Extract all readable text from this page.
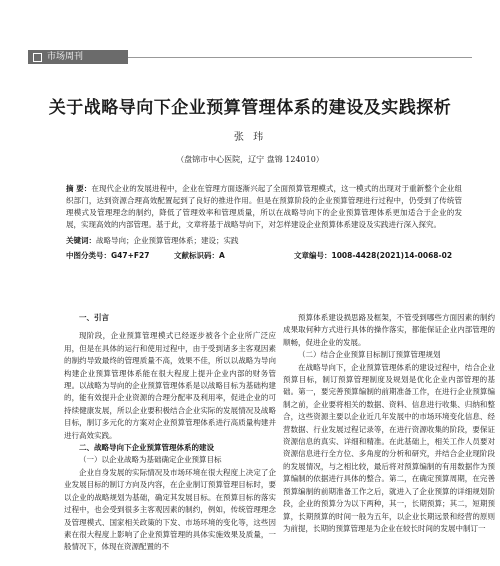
市场周刊
关于战略导向下企业预算管理体系的建设及实践探析
张 玮
（盘锦市中心医院，辽宁 盘锦 124010）
摘 要：在现代企业的发展进程中，企业在管理方面逐渐兴起了全面预算管理模式，这一模式的出现对于重新整个企业组织部门，达到资源合理高效配置起到了良好的推进作用。但是在预算阶段的企业预算管理进行过程中，仍受到了传统管理模式及管理理念的制约，降低了管理效率和管理质量，所以在战略导向下的企业预算管理体系更加适合于企业的发展，实现高效的内部管理。基于此，文章将基于战略导向下，对怎样建设企业预算体系建设及实践进行深入探究。
关键词：战略导向；企业预算管理体系；建设；实践
中图分类号：G47+F27	文献标识码：A	文章编号：1008-4428(2021)14-0068-02
一、引言

现阶段，企业预算管理模式已经逐步被各个企业所广泛应用，但是在具体的运行和使用过程中，由于受到诸多主客观因素的制约导致最终的管理质量不高，效果不佳，所以以战略为导向构建企业预算管理体系能在很大程度上提升企业内部的财务管理。以战略为导向的企业预算管理体系是以战略目标为基础构建的，能有效提升企业资源的合理分配率及利用率，促进企业的可持续健康发展，所以企业要积极结合企业实际的发展情况及战略目标，制订多元化的方案对企业预算管理体系进行高质量构建并进行高效实践。

二、战略导向下企业预算管理体系的建设
（一）以企业战略为基础确定企业预算目标

企业自身发展的实际情况及市场环境在很大程度上决定了企业发展目标的制订方向及内容，在企业制订预算管理目标时，要以企业的战略规划为基础，确定其发展目标。在预算目标的落实过程中，也会受到很多主客观因素的制约，例如，传统管理理念及管理模式、国家相关政策的下发、市场环境的变化等，这些因素在很大程度上影响了企业预算管理的具体实施效果及质量，一般情况下，体现在资源配置的不

预算体系建设损思路及框架，不管受到哪些方面因素的制约成果取何种方式进行具体的操作落实，都能保证企业内部管理的顺畅，促进企业的发展。

（二）结合企业预算目标制订预算管理规划

在战略导向下，企业预算管理体系的建设过程中，结合企业预算目标，制订预算管理制度及规划是优化企业内部管理的基础。第一，要完善预算编制的前期准备工作，在进行企业预算编制之前，企业要将相关的数据、资料、信息进行收集、归纳和整合，这些资源主要以企业近几年发展中的市场环境变化信息、经营数据、行业发展过程记录等，在进行资源收集的阶段，要保证资源信息的真实、详细和精准。在此基础上，相关工作人员要对资源信息进行全方位、多角度的分析和研究，并结合企业现阶段的发展情况，与之相比较，最后将对预算编制的有用数据作为预算编制的依据进行具体的整合。第二，在确定预算周期，在完善预算编制的前期准备工作之后，就进入了企业预算的详细规划阶段，企业的预算分为以下两种，其一，长期预算；其二，短期预算，长期预算的时间一般为五年，以企业长期远景和经营的原则为前提，长期的预算管理是为企业在较长时间的发展中制订一
